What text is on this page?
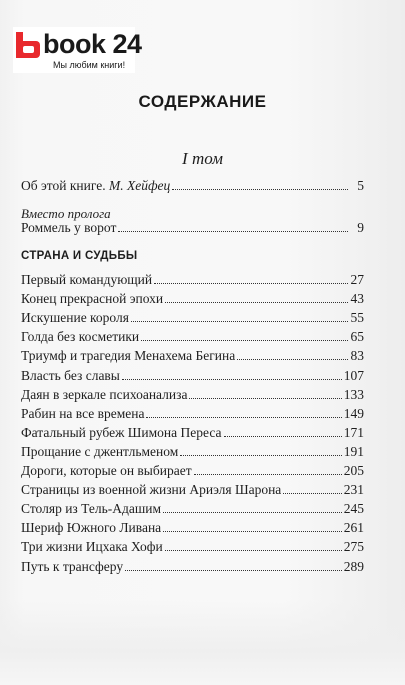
book 24
Мы любим книги!
СОДЕРЖАНИЕ
I том
Об этой книге. М. Хейфец	5
Вместо пролога
Роммель у ворот	9
СТРАНА И СУДЬБЫ
Первый командующий	27
Конец прекрасной эпохи	43
Искушение короля	55
Голда без косметики	65
Триумф и трагедия Менахема Бегина	83
Власть без славы	107
Даян в зеркале психоанализа	133
Рабин на все времена	149
Фатальный рубеж Шимона Переса	171
Прощание с джентльменом	191
Дороги, которые он выбирает	205
Страницы из военной жизни Ариэля Шарона	231
Столяр из Тель-Адашим	245
Шериф Южного Ливана	261
Три жизни Ицхака Хофи	275
Путь к трансферу	289
